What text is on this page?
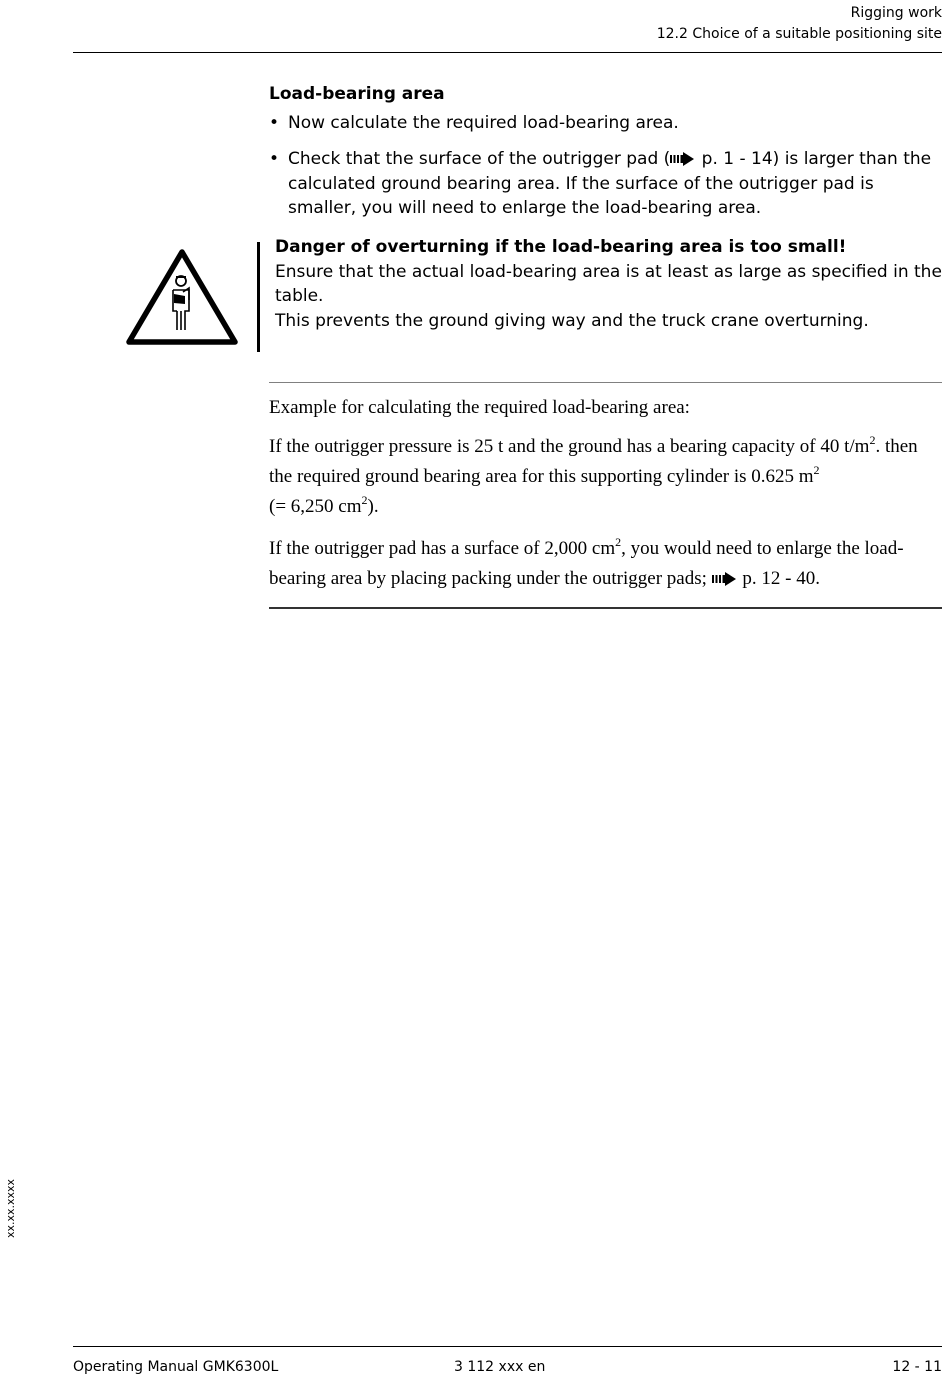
Rigging work
12.2 Choice of a suitable positioning site
Load-bearing area
• Now calculate the required load-bearing area.
• Check that the surface of the outrigger pad ( p. 1 - 14) is larger than the calculated ground bearing area. If the surface of the outrigger pad is smaller, you will need to enlarge the load-bearing area.
Danger of overturning if the load-bearing area is too small!
Ensure that the actual load-bearing area is at least as large as specified in the table.
This prevents the ground giving way and the truck crane overturning.
Example for calculating the required load-bearing area:
If the outrigger pressure is 25 t and the ground has a bearing capacity of 40 $t/m^2$. then the required ground bearing area for this supporting cylinder is 0.625 $m^2$
(= 6,250 $cm^2$).
If the outrigger pad has a surface of 2,000 $cm^2$, you would need to enlarge the load-bearing area by placing packing under the outrigger pads;  p. 12 - 40.
xx.xx.xxxx
Operating Manual GMK6300L	3 112 xxx en	12 - 11
